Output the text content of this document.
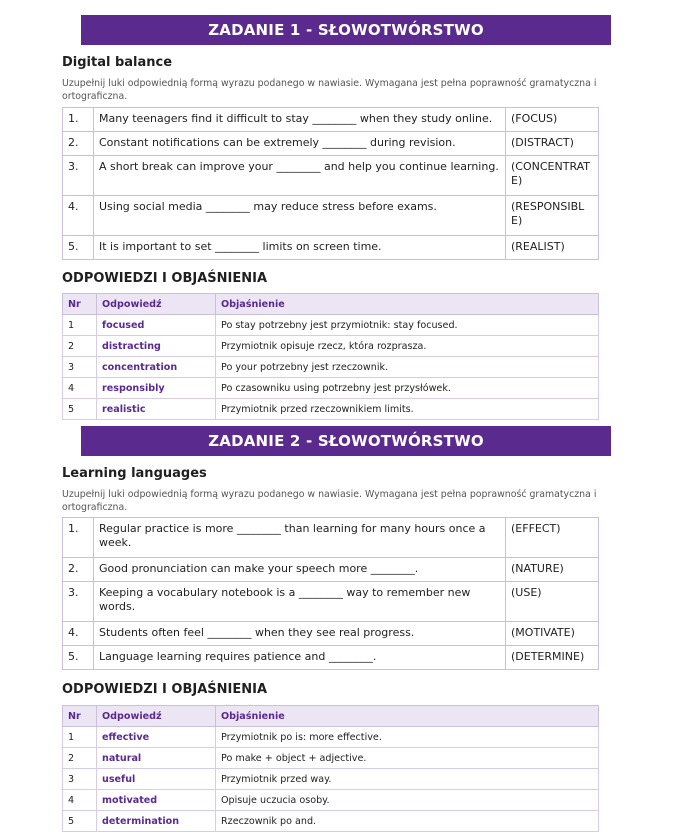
ZADANIE 1 - SŁOWOTWÓRSTWO
Digital balance
Uzupełnij luki odpowiednią formą wyrazu podanego w nawiasie. Wymagana jest pełna poprawność gramatyczna i ortograficzna.
1.	Many teenagers find it difficult to stay ________ when they study online.	(FOCUS)
2.	Constant notifications can be extremely ________ during revision.	(DISTRACT)
3.	A short break can improve your ________ and help you continue learning.	(CONCENTRATE)
4.	Using social media ________ may reduce stress before exams.	(RESPONSIBLE)
5.	It is important to set ________ limits on screen time.	(REALIST)
ODPOWIEDZI I OBJAŚNIENIA
Nr	Odpowiedź	Objaśnienie
1	focused	Po stay potrzebny jest przymiotnik: stay focused.
2	distracting	Przymiotnik opisuje rzecz, która rozprasza.
3	concentration	Po your potrzebny jest rzeczownik.
4	responsibly	Po czasowniku using potrzebny jest przysłówek.
5	realistic	Przymiotnik przed rzeczownikiem limits.
ZADANIE 2 - SŁOWOTWÓRSTWO
Learning languages
Uzupełnij luki odpowiednią formą wyrazu podanego w nawiasie. Wymagana jest pełna poprawność gramatyczna i ortograficzna.
1.	Regular practice is more ________ than learning for many hours once a week.	(EFFECT)
2.	Good pronunciation can make your speech more ________.	(NATURE)
3.	Keeping a vocabulary notebook is a ________ way to remember new words.	(USE)
4.	Students often feel ________ when they see real progress.	(MOTIVATE)
5.	Language learning requires patience and ________.	(DETERMINE)
ODPOWIEDZI I OBJAŚNIENIA
Nr	Odpowiedź	Objaśnienie
1	effective	Przymiotnik po is: more effective.
2	natural	Po make + object + adjective.
3	useful	Przymiotnik przed way.
4	motivated	Opisuje uczucia osoby.
5	determination	Rzeczownik po and.
